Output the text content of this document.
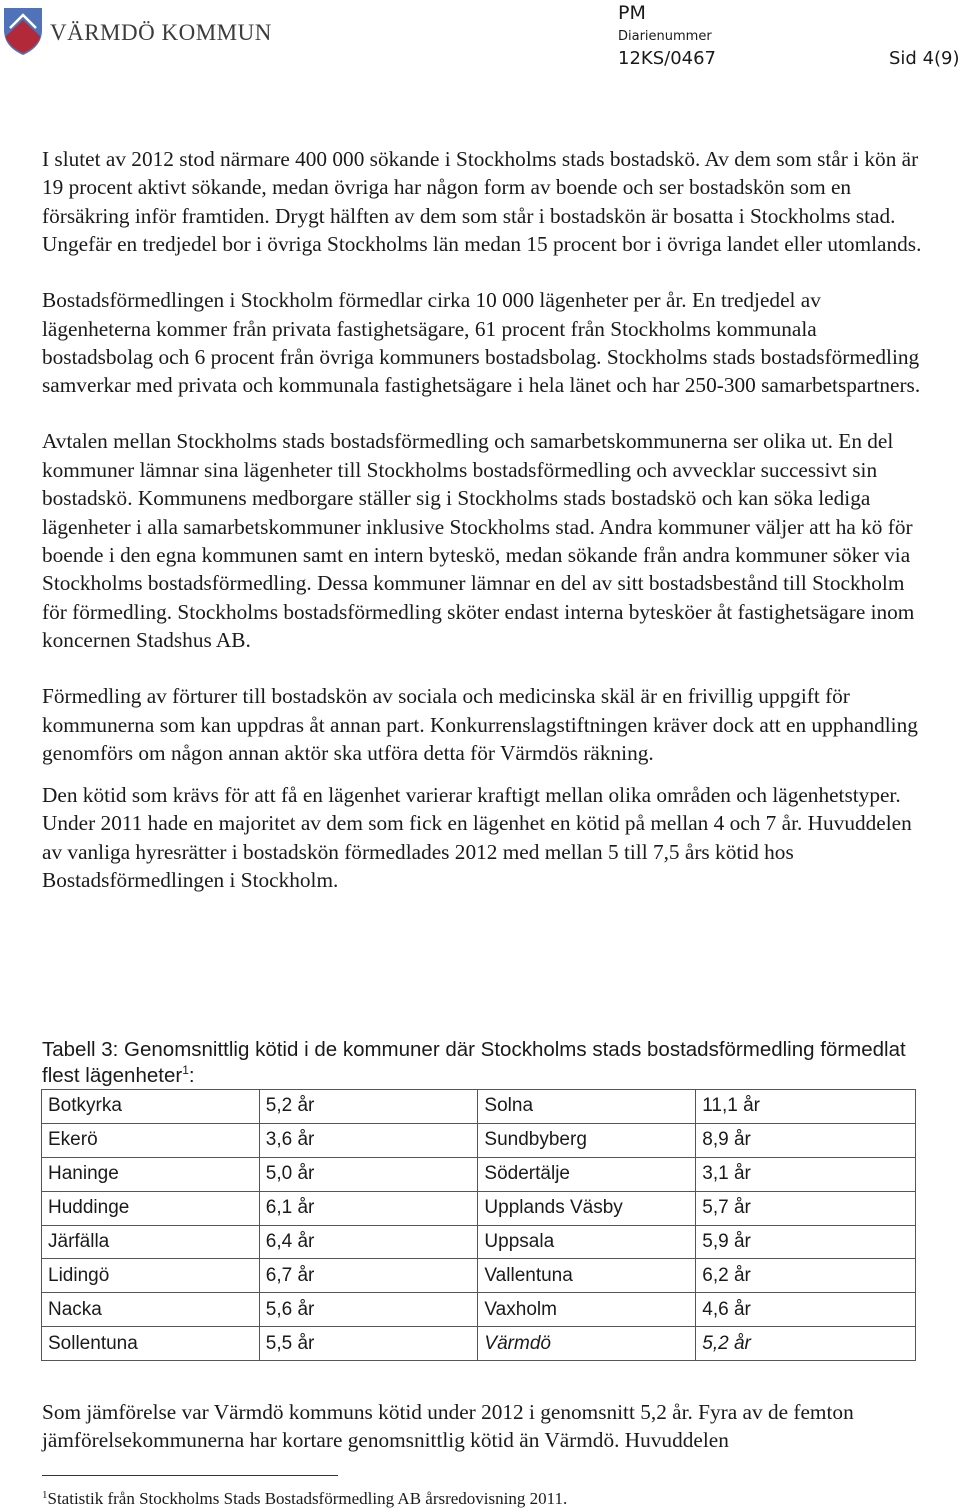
VÄRMDÖ KOMMUN
PM
Diarienummer
12KS/0467	Sid 4(9)

I slutet av 2012 stod närmare 400 000 sökande i Stockholms stads bostadskö. Av dem som står i kön är 19 procent aktivt sökande, medan övriga har någon form av boende och ser bostadskön som en försäkring inför framtiden. Drygt hälften av dem som står i bostadskön är bosatta i Stockholms stad. Ungefär en tredjedel bor i övriga Stockholms län medan 15 procent bor i övriga landet eller utomlands.

Bostadsförmedlingen i Stockholm förmedlar cirka 10 000 lägenheter per år. En tredjedel av lägenheterna kommer från privata fastighetsägare, 61 procent från Stockholms kommunala bostadsbolag och 6 procent från övriga kommuners bostadsbolag. Stockholms stads bostadsförmedling samverkar med privata och kommunala fastighetsägare i hela länet och har 250-300 samarbetspartners.

Avtalen mellan Stockholms stads bostadsförmedling och samarbetskommunerna ser olika ut. En del kommuner lämnar sina lägenheter till Stockholms bostadsförmedling och avvecklar successivt sin bostadskö. Kommunens medborgare ställer sig i Stockholms stads bostadskö och kan söka lediga lägenheter i alla samarbetskommuner inklusive Stockholms stad. Andra kommuner väljer att ha kö för boende i den egna kommunen samt en intern byteskö, medan sökande från andra kommuner söker via Stockholms bostadsförmedling. Dessa kommuner lämnar en del av sitt bostadsbestånd till Stockholm för förmedling. Stockholms bostadsförmedling sköter endast interna bytesköer åt fastighetsägare inom koncernen Stadshus AB.

Förmedling av förturer till bostadskön av sociala och medicinska skäl är en frivillig uppgift för kommunerna som kan uppdras åt annan part. Konkurrenslagstiftningen kräver dock att en upphandling genomförs om någon annan aktör ska utföra detta för Värmdös räkning.

Den kötid som krävs för att få en lägenhet varierar kraftigt mellan olika områden och lägenhetstyper. Under 2011 hade en majoritet av dem som fick en lägenhet en kötid på mellan 4 och 7 år. Huvuddelen av vanliga hyresrätter i bostadskön förmedlades 2012 med mellan 5 till 7,5 års kötid hos Bostadsförmedlingen i Stockholm.

Tabell 3: Genomsnittlig kötid i de kommuner där Stockholms stads bostadsförmedling förmedlat flest lägenheter$^1$:
Botkyrka	5,2 år	Solna	11,1 år
Ekerö	3,6 år	Sundbyberg	8,9 år
Haninge	5,0 år	Södertälje	3,1 år
Huddinge	6,1 år	Upplands Väsby	5,7 år
Järfälla	6,4 år	Uppsala	5,9 år
Lidingö	6,7 år	Vallentuna	6,2 år
Nacka	5,6 år	Vaxholm	4,6 år
Sollentuna	5,5 år	Värmdö	5,2 år

Som jämförelse var Värmdö kommuns kötid under 2012 i genomsnitt 5,2 år. Fyra av de femton jämförelsekommunerna har kortare genomsnittlig kötid än Värmdö. Huvuddelen

$^1$Statistik från Stockholms Stads Bostadsförmedling AB årsredovisning 2011.
